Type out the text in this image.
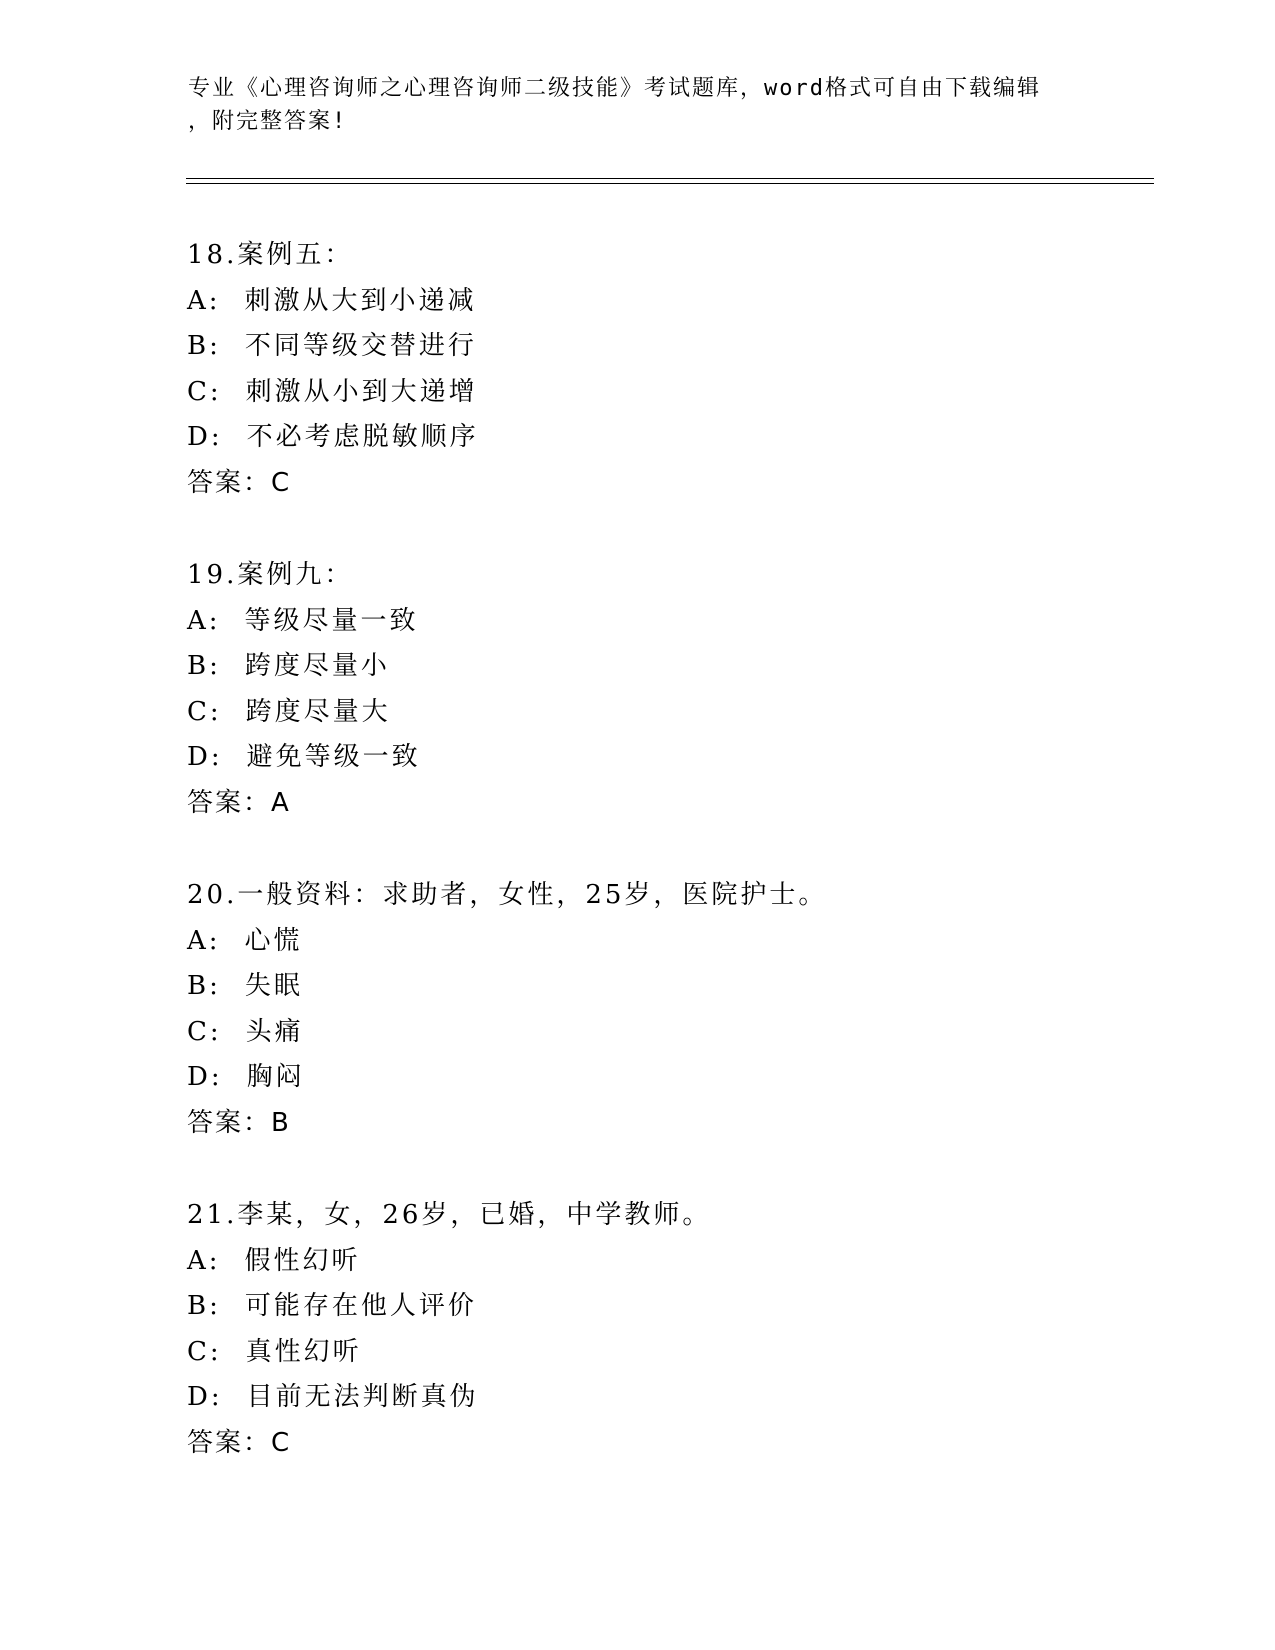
专业《心理咨询师之心理咨询师二级技能》考试题库，word格式可自由下载编辑
，附完整答案!
18.案例五：
A: 刺激从大到小递减
B: 不同等级交替进行
C: 刺激从小到大递增
D: 不必考虑脱敏顺序
答案：C
19.案例九：
A: 等级尽量一致
B: 跨度尽量小
C: 跨度尽量大
D: 避免等级一致
答案：A
20.一般资料：求助者，女性，25岁，医院护士。
A: 心慌
B: 失眠
C: 头痛
D: 胸闷
答案：B
21.李某，女，26岁，已婚，中学教师。
A: 假性幻听
B: 可能存在他人评价
C: 真性幻听
D: 目前无法判断真伪
答案：C
